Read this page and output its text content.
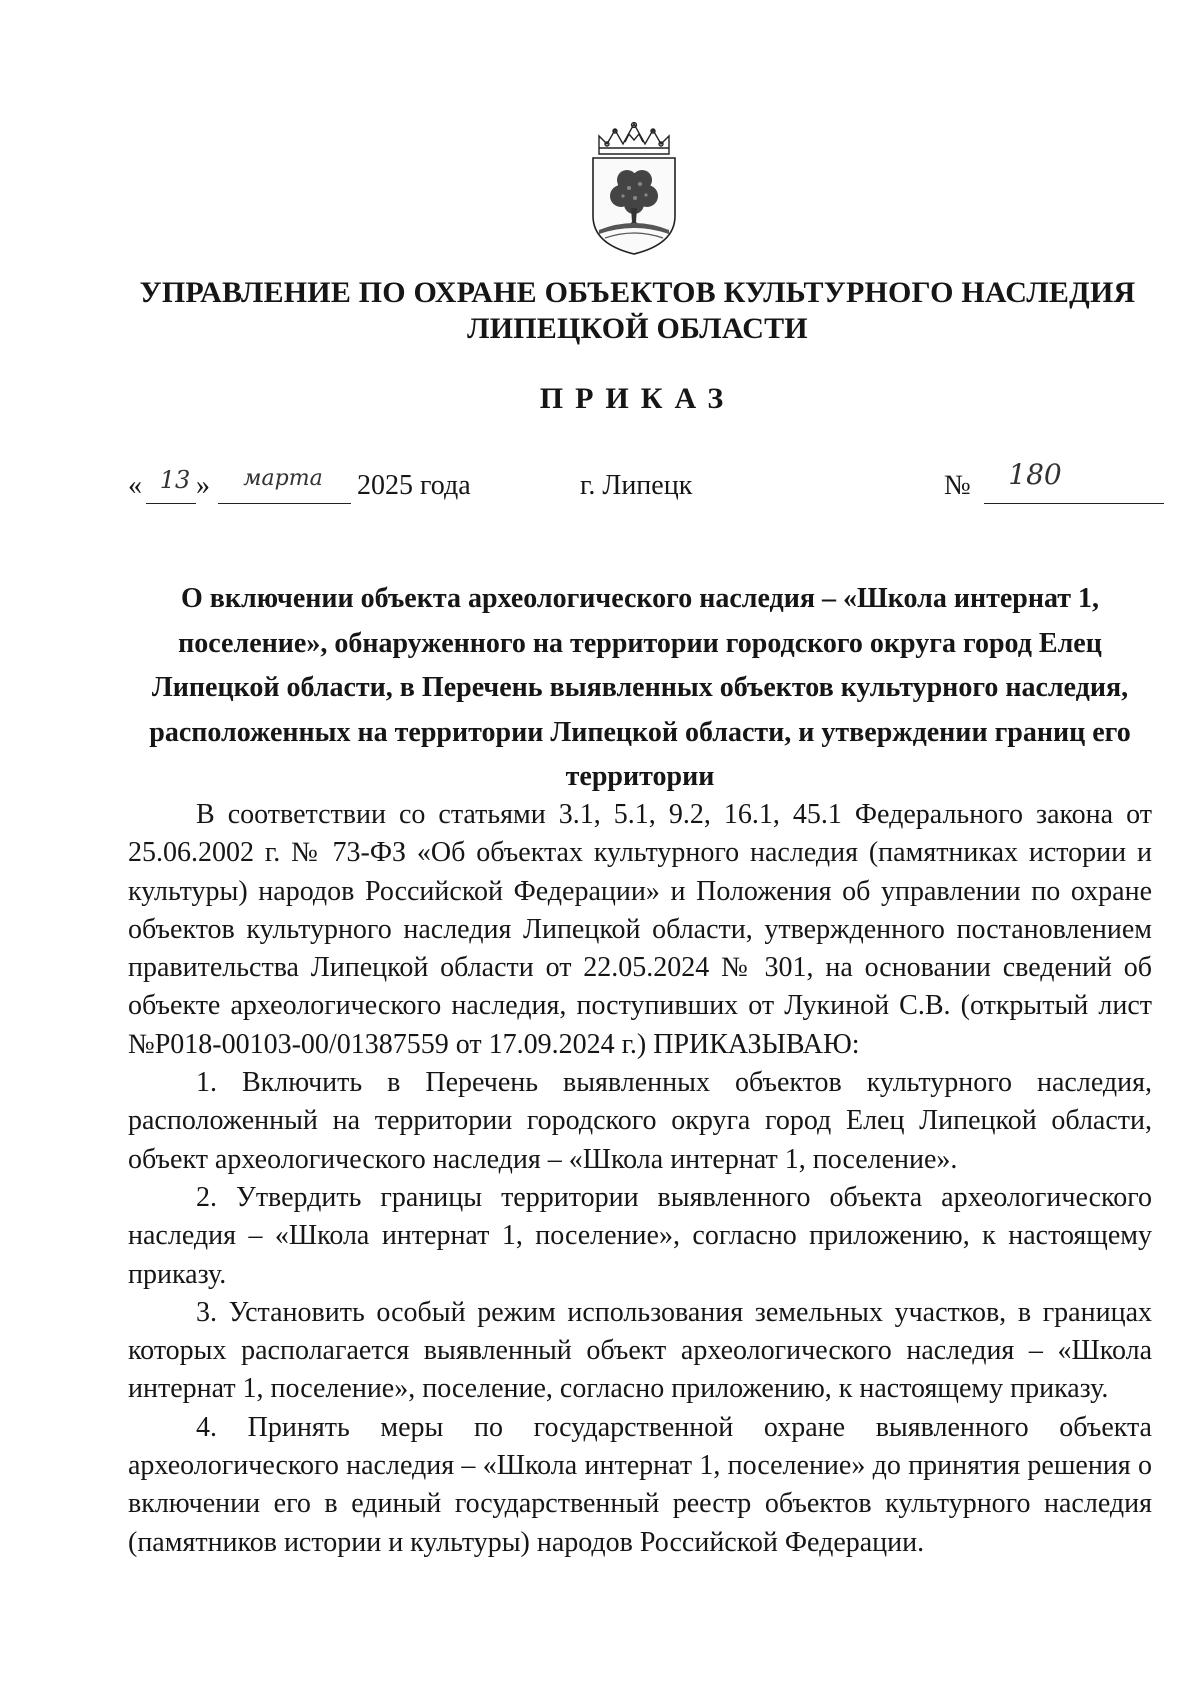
УПРАВЛЕНИЕ ПО ОХРАНЕ ОБЪЕКТОВ КУЛЬТУРНОГО НАСЛЕДИЯ
ЛИПЕЦКОЙ ОБЛАСТИ
ПРИКАЗ
« 13 »	марта	2025 года	г. Липецк	№	180
О включении объекта археологического наследия – «Школа интернат 1, поселение», обнаруженного на территории городского округа город Елец Липецкой области, в Перечень выявленных объектов культурного наследия, расположенных на территории Липецкой области, и утверждении границ его территории

В соответствии со статьями 3.1, 5.1, 9.2, 16.1, 45.1 Федерального закона от 25.06.2002 г. № 73-ФЗ «Об объектах культурного наследия (памятниках истории и культуры) народов Российской Федерации» и Положения об управлении по охране объектов культурного наследия Липецкой области, утвержденного постановлением правительства Липецкой области от 22.05.2024 № 301, на основании сведений об объекте археологического наследия, поступивших от Лукиной С.В. (открытый лист №Р018-00103-00/01387559 от 17.09.2024 г.) ПРИКАЗЫВАЮ:

1. Включить в Перечень выявленных объектов культурного наследия, расположенный на территории городского округа город Елец Липецкой области, объект археологического наследия – «Школа интернат 1, поселение».

2. Утвердить границы территории выявленного объекта археологического наследия – «Школа интернат 1, поселение», согласно приложению, к настоящему приказу.

3. Установить особый режим использования земельных участков, в границах которых располагается выявленный объект археологического наследия – «Школа интернат 1, поселение», поселение, согласно приложению, к настоящему приказу.

4. Принять меры по государственной охране выявленного объекта археологического наследия – «Школа интернат 1, поселение» до принятия решения о включении его в единый государственный реестр объектов культурного наследия (памятников истории и культуры) народов Российской Федерации.
